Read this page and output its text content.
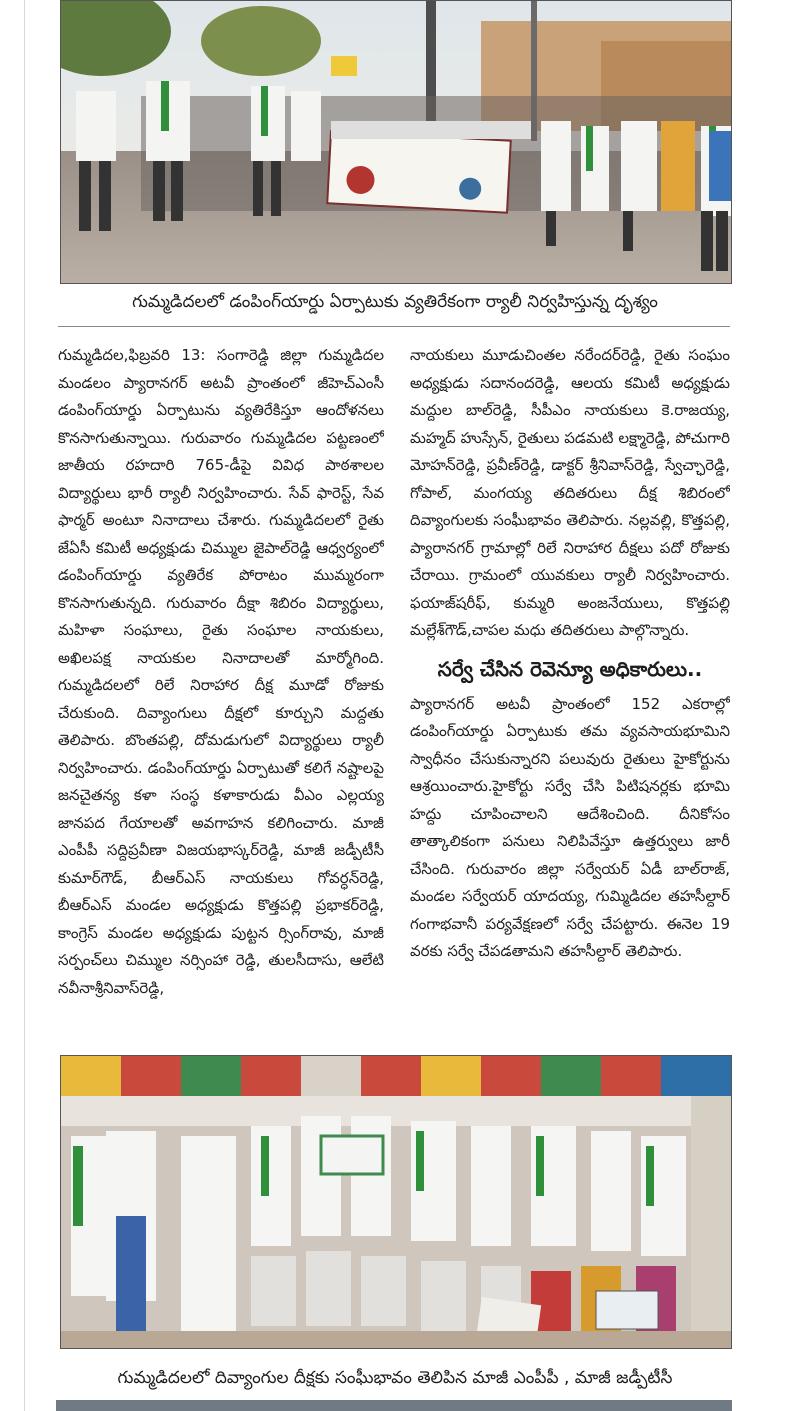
గుమ్మడిదలలో డంపింగ్‌యార్డు ఏర్పాటుకు వ్యతిరేకంగా ర్యాలీ నిర్వహిస్తున్న దృశ్యం

గుమ్మడిదల,ఫిబ్రవరి 13: సంగారెడ్డి జిల్లా గుమ్మడిదల మండలం ప్యారానగర్ అటవీ ప్రాంతంలో జీహెచ్ఎంసీ డంపింగ్‌యార్డు ఏర్పాటును వ్యతిరేకిస్తూ ఆందోళనలు కొనసాగుతున్నాయి. గురువారం గుమ్మడిదల పట్టణంలో జాతీయ రహదారి 765-డీపై వివిధ పాఠశాలల విద్యార్థులు భారీ ర్యాలీ నిర్వహించారు. సేవ్ ఫారెస్ట్, సేవ ఫార్మర్ అంటూ నినాదాలు చేశారు. గుమ్మడిదలలో రైతు జేఏసీ కమిటీ అధ్యక్షుడు చిమ్ముల జైపాల్‌రెడ్డి ఆధ్వర్యంలో డంపింగ్‌యార్డు వ్యతిరేక పోరాటం ముమ్మరంగా కొనసాగుతున్నది. గురువారం దీక్షా శిబిరం విద్యార్థులు, మహిళా సంఘాలు, రైతు సంఘాల నాయకులు, అఖిలపక్ష నాయకుల నినాదాలతో మార్మోగింది. గుమ్మడిదలలో రిలే నిరాహార దీక్ష మూడో రోజుకు చేరుకుంది. దివ్యాంగులు దీక్షలో కూర్చుని మద్దతు తెలిపారు. బొంతపల్లి, దోమడుగులో విద్యార్థులు ర్యాలీ నిర్వహించారు. డంపింగ్‌యార్డు ఏర్పాటుతో కలిగే నష్టాలపై జనచైతన్య కళా సంస్థ కళాకారుడు వీఎం ఎల్లయ్య జానపద గేయాలతో అవగాహన కలిగించారు. మాజీ ఎంపీపీ సద్దిప్రవీణా విజయభాస్కర్‌రెడ్డి, మాజీ జడ్పీటీసీ కుమార్‌గౌడ్, బీఆర్ఎస్ నాయకులు గోవర్ధన్‌రెడ్డి, బీఆర్ఎస్ మండల అధ్యక్షుడు కొత్తపల్లి ప్రభాకర్‌రెడ్డి, కాంగ్రెస్ మండల అధ్యక్షుడు పుట్టన ర్సింగ్‌రావు, మాజీ సర్పంచ్‌లు చిమ్ముల నర్సింహా రెడ్డి, తులసీదాసు, ఆలేటి నవీనాశ్రీనివాస్‌రెడ్డి,

నాయకులు మూడుచింతల నరేందర్‌రెడ్డి, రైతు సంఘం అధ్యక్షుడు సదానందరెడ్డి, ఆలయ కమిటీ అధ్యక్షుడు మద్దుల బాల్‌రెడ్డి, సీపీఎం నాయకులు కె.రాజయ్య, మహ్మద్ హుస్సేన్, రైతులు పడమటి లక్ష్మారెడ్డి, పోచుగారి మోహన్‌రెడ్డి, ప్రవీణ్‌రెడ్డి, డాక్టర్ శ్రీనివాస్‌రెడ్డి, స్వేచ్ఛారెడ్డి, గోపాల్, మంగయ్య తదితరులు దీక్ష శిబిరంలో దివ్యాంగులకు సంఘీభావం తెలిపారు. నల్లవల్లి, కొత్తపల్లి, ప్యారానగర్ గ్రామాల్లో రిలే నిరాహార దీక్షలు పదో రోజుకు చేరాయి. గ్రామంలో యువకులు ర్యాలీ నిర్వహించారు. ఫయాజ్‌షరీఫ్, కుమ్మరి అంజనేయులు, కొత్తపల్లి మల్లేశ్‌గౌడ్,చాపల మధు తదితరులు పాల్గొన్నారు.

సర్వే చేసిన రెవెన్యూ అధికారులు..

ప్యారానగర్ అటవీ ప్రాంతంలో 152 ఎకరాల్లో డంపింగ్‌యార్డు ఏర్పాటుకు తమ వ్యవసాయభూమిని స్వాధీనం చేసుకున్నారని పలువురు రైతులు హైకోర్టును ఆశ్రయించారు.హైకోర్టు సర్వే చేసి పిటిషనర్లకు భూమి హద్దు చూపించాలని ఆదేశించింది. దీనికోసం తాత్కాలికంగా పనులు నిలిపివేస్తూ ఉత్తర్వులు జారీ చేసింది. గురువారం జిల్లా సర్వేయర్ ఏడీ బాల్‌రాజ్, మండల సర్వేయర్ యాదయ్య, గుమ్మిడిదల తహసీల్దార్ గంగాభవానీ పర్యవేక్షణలో సర్వే చేపట్టారు. ఈనెల 19 వరకు సర్వే చేపడతామని తహసీల్దార్ తెలిపారు.

గుమ్మడిదలలో దివ్యాంగుల దీక్షకు సంఘీభావం తెలిపిన మాజీ ఎంపీపీ , మాజీ జడ్పీటీసీ
